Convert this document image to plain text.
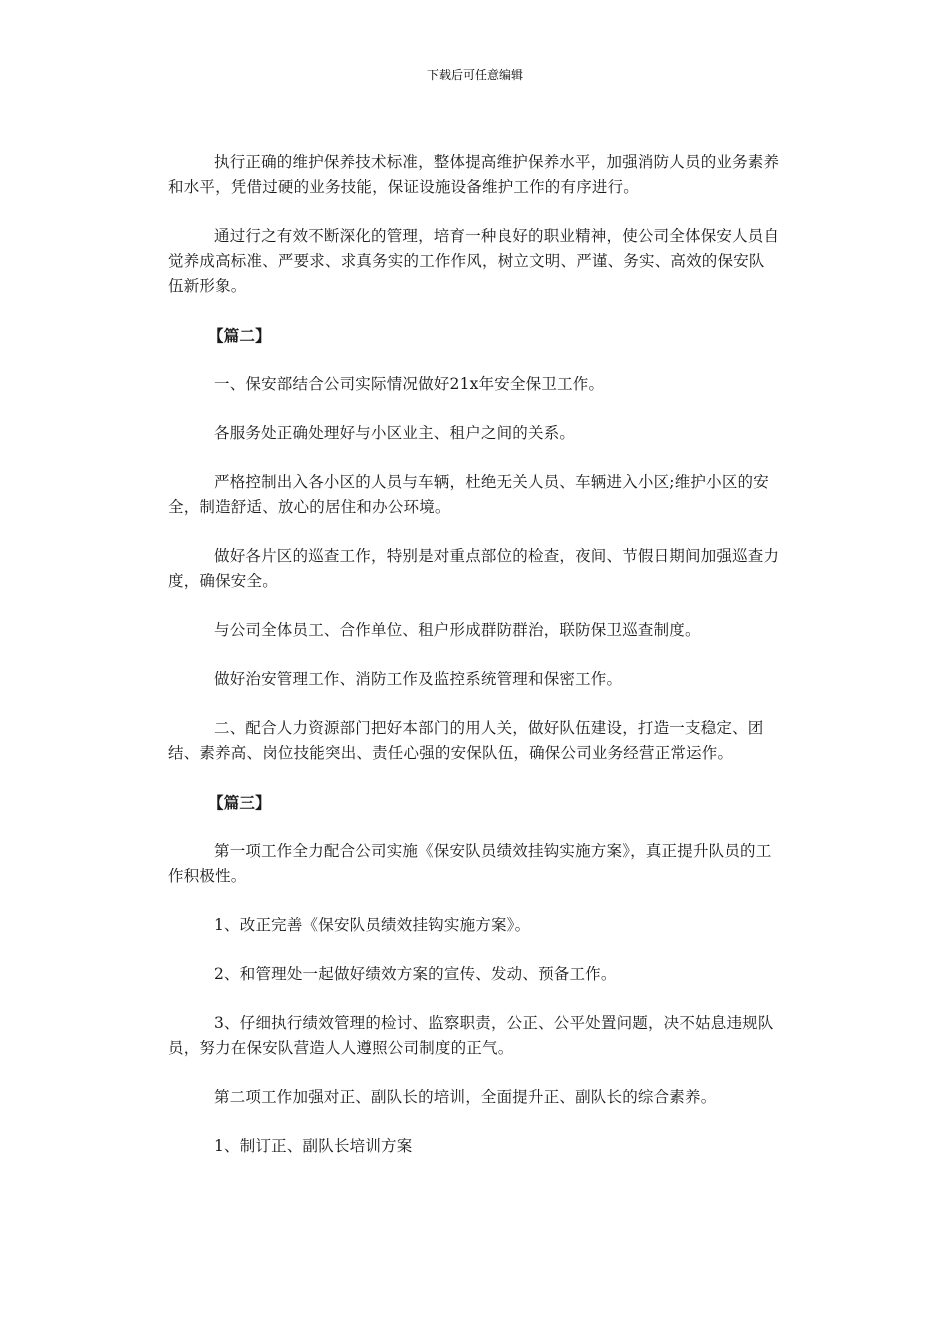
下载后可任意编辑

执行正确的维护保养技术标准，整体提高维护保养水平，加强消防人员的业务素养和水平，凭借过硬的业务技能，保证设施设备维护工作的有序进行。

通过行之有效不断深化的管理，培育一种良好的职业精神，使公司全体保安人员自觉养成高标准、严要求、求真务实的工作作风，树立文明、严谨、务实、高效的保安队伍新形象。

【篇二】

一、保安部结合公司实际情况做好21x年安全保卫工作。

各服务处正确处理好与小区业主、租户之间的关系。

严格控制出入各小区的人员与车辆，杜绝无关人员、车辆进入小区;维护小区的安全，制造舒适、放心的居住和办公环境。

做好各片区的巡查工作，特别是对重点部位的检查，夜间、节假日期间加强巡查力度，确保安全。

与公司全体员工、合作单位、租户形成群防群治，联防保卫巡查制度。

做好治安管理工作、消防工作及监控系统管理和保密工作。

二、配合人力资源部门把好本部门的用人关，做好队伍建设，打造一支稳定、团结、素养高、岗位技能突出、责任心强的安保队伍，确保公司业务经营正常运作。

【篇三】

第一项工作全力配合公司实施《保安队员绩效挂钩实施方案》，真正提升队员的工作积极性。

1、改正完善《保安队员绩效挂钩实施方案》。

2、和管理处一起做好绩效方案的宣传、发动、预备工作。

3、仔细执行绩效管理的检讨、监察职责，公正、公平处置问题，决不姑息违规队员，努力在保安队营造人人遵照公司制度的正气。

第二项工作加强对正、副队长的培训，全面提升正、副队长的综合素养。

1、制订正、副队长培训方案
